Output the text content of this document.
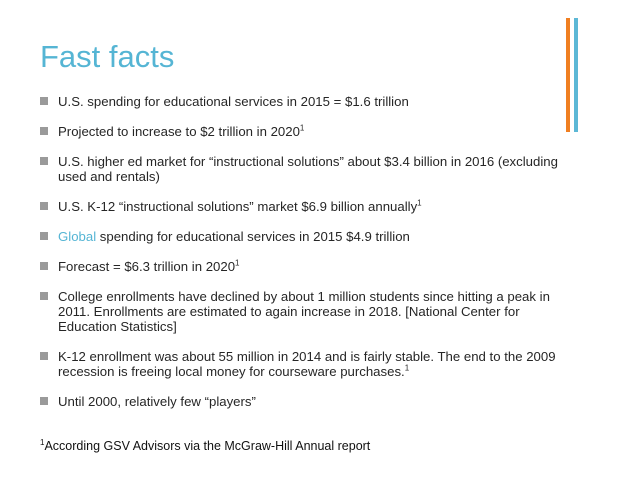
Fast facts
U.S. spending for educational services in 2015 = $1.6 trillion
Projected to increase to $2 trillion in 2020$^1$
U.S. higher ed market for “instructional solutions” about $3.4 billion in 2016 (excluding used and rentals)
U.S. K-12 “instructional solutions” market $6.9 billion annually$^1$
Global spending for educational services in 2015 $4.9 trillion
Forecast = $6.3 trillion in 2020$^1$
College enrollments have declined by about 1 million students since hitting a peak in 2011. Enrollments are estimated to again increase in 2018. [National Center for Education Statistics]
K-12 enrollment was about 55 million in 2014 and is fairly stable. The end to the 2009 recession is freeing local money for courseware purchases.$^1$
Until 2000, relatively few “players”
$^1$According GSV Advisors via the McGraw-Hill Annual report
